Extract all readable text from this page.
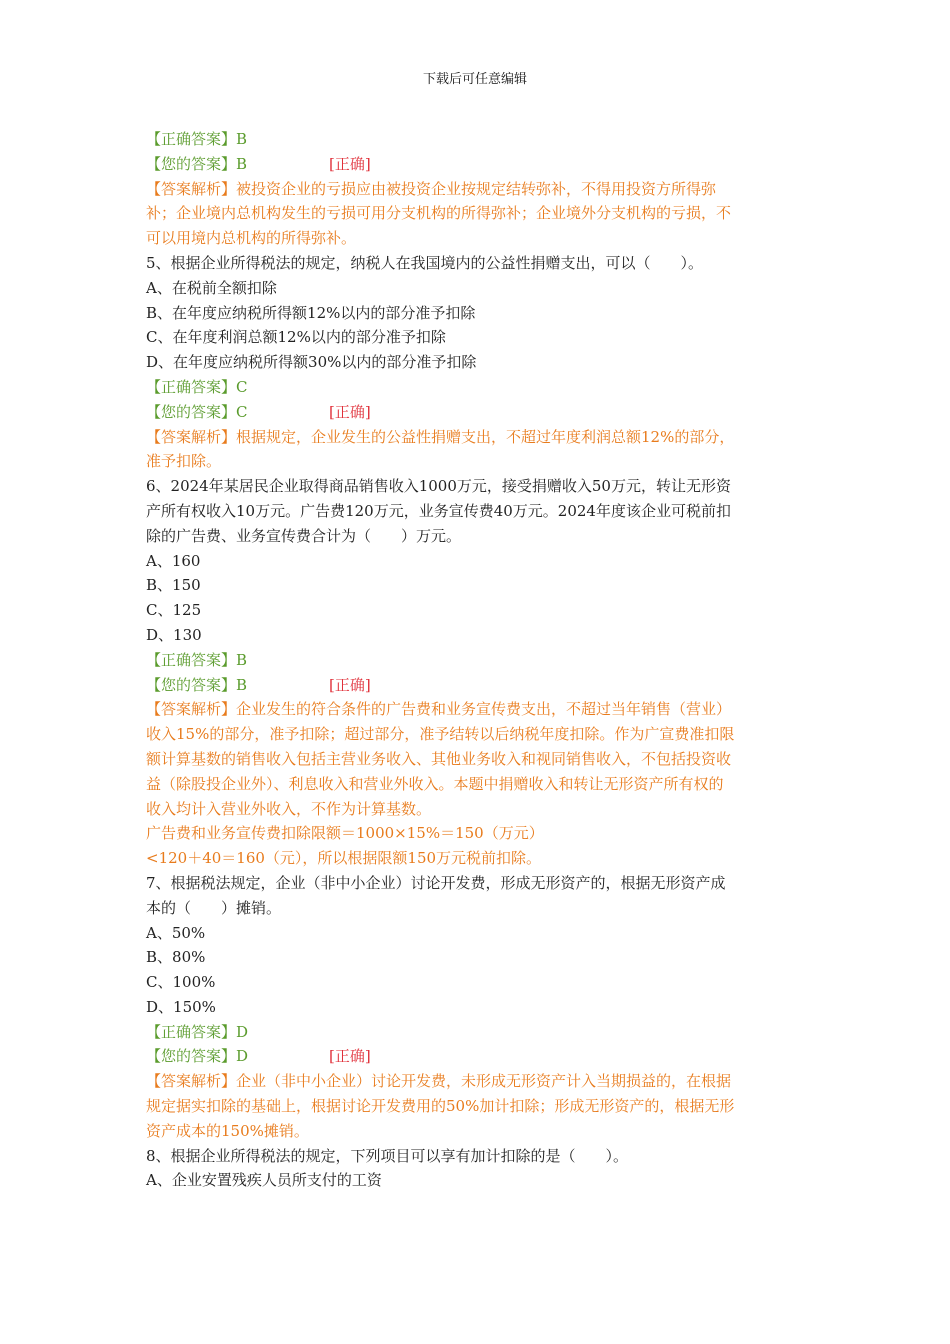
下载后可任意编辑
【正确答案】B
【您的答案】B	[正确]
【答案解析】被投资企业的亏损应由被投资企业按规定结转弥补，不得用投资方所得弥
补；企业境内总机构发生的亏损可用分支机构的所得弥补；企业境外分支机构的亏损，不
可以用境内总机构的所得弥补。
5、根据企业所得税法的规定，纳税人在我国境内的公益性捐赠支出，可以（　　）。
A、在税前全额扣除
B、在年度应纳税所得额12%以内的部分准予扣除
C、在年度利润总额12%以内的部分准予扣除
D、在年度应纳税所得额30%以内的部分准予扣除
【正确答案】C
【您的答案】C	[正确]
【答案解析】根据规定，企业发生的公益性捐赠支出，不超过年度利润总额12%的部分，
准予扣除。
6、2024年某居民企业取得商品销售收入1000万元，接受捐赠收入50万元，转让无形资
产所有权收入10万元。广告费120万元，业务宣传费40万元。2024年度该企业可税前扣
除的广告费、业务宣传费合计为（　　）万元。
A、160
B、150
C、125
D、130
【正确答案】B
【您的答案】B	[正确]
【答案解析】企业发生的符合条件的广告费和业务宣传费支出，不超过当年销售（营业）
收入15%的部分，准予扣除；超过部分，准予结转以后纳税年度扣除。作为广宣费准扣限
额计算基数的销售收入包括主营业务收入、其他业务收入和视同销售收入，不包括投资收
益（除股投企业外）、利息收入和营业外收入。本题中捐赠收入和转让无形资产所有权的
收入均计入营业外收入，不作为计算基数。
广告费和业务宣传费扣除限额＝1000×15%＝150（万元）
<120＋40＝160（元），所以根据限额150万元税前扣除。
7、根据税法规定，企业（非中小企业）讨论开发费，形成无形资产的，根据无形资产成
本的（　　）摊销。
A、50%
B、80%
C、100%
D、150%
【正确答案】D
【您的答案】D	[正确]
【答案解析】企业（非中小企业）讨论开发费，未形成无形资产计入当期损益的，在根据
规定据实扣除的基础上，根据讨论开发费用的50%加计扣除；形成无形资产的，根据无形
资产成本的150%摊销。
8、根据企业所得税法的规定，下列项目可以享有加计扣除的是（　　）。
A、企业安置残疾人员所支付的工资
